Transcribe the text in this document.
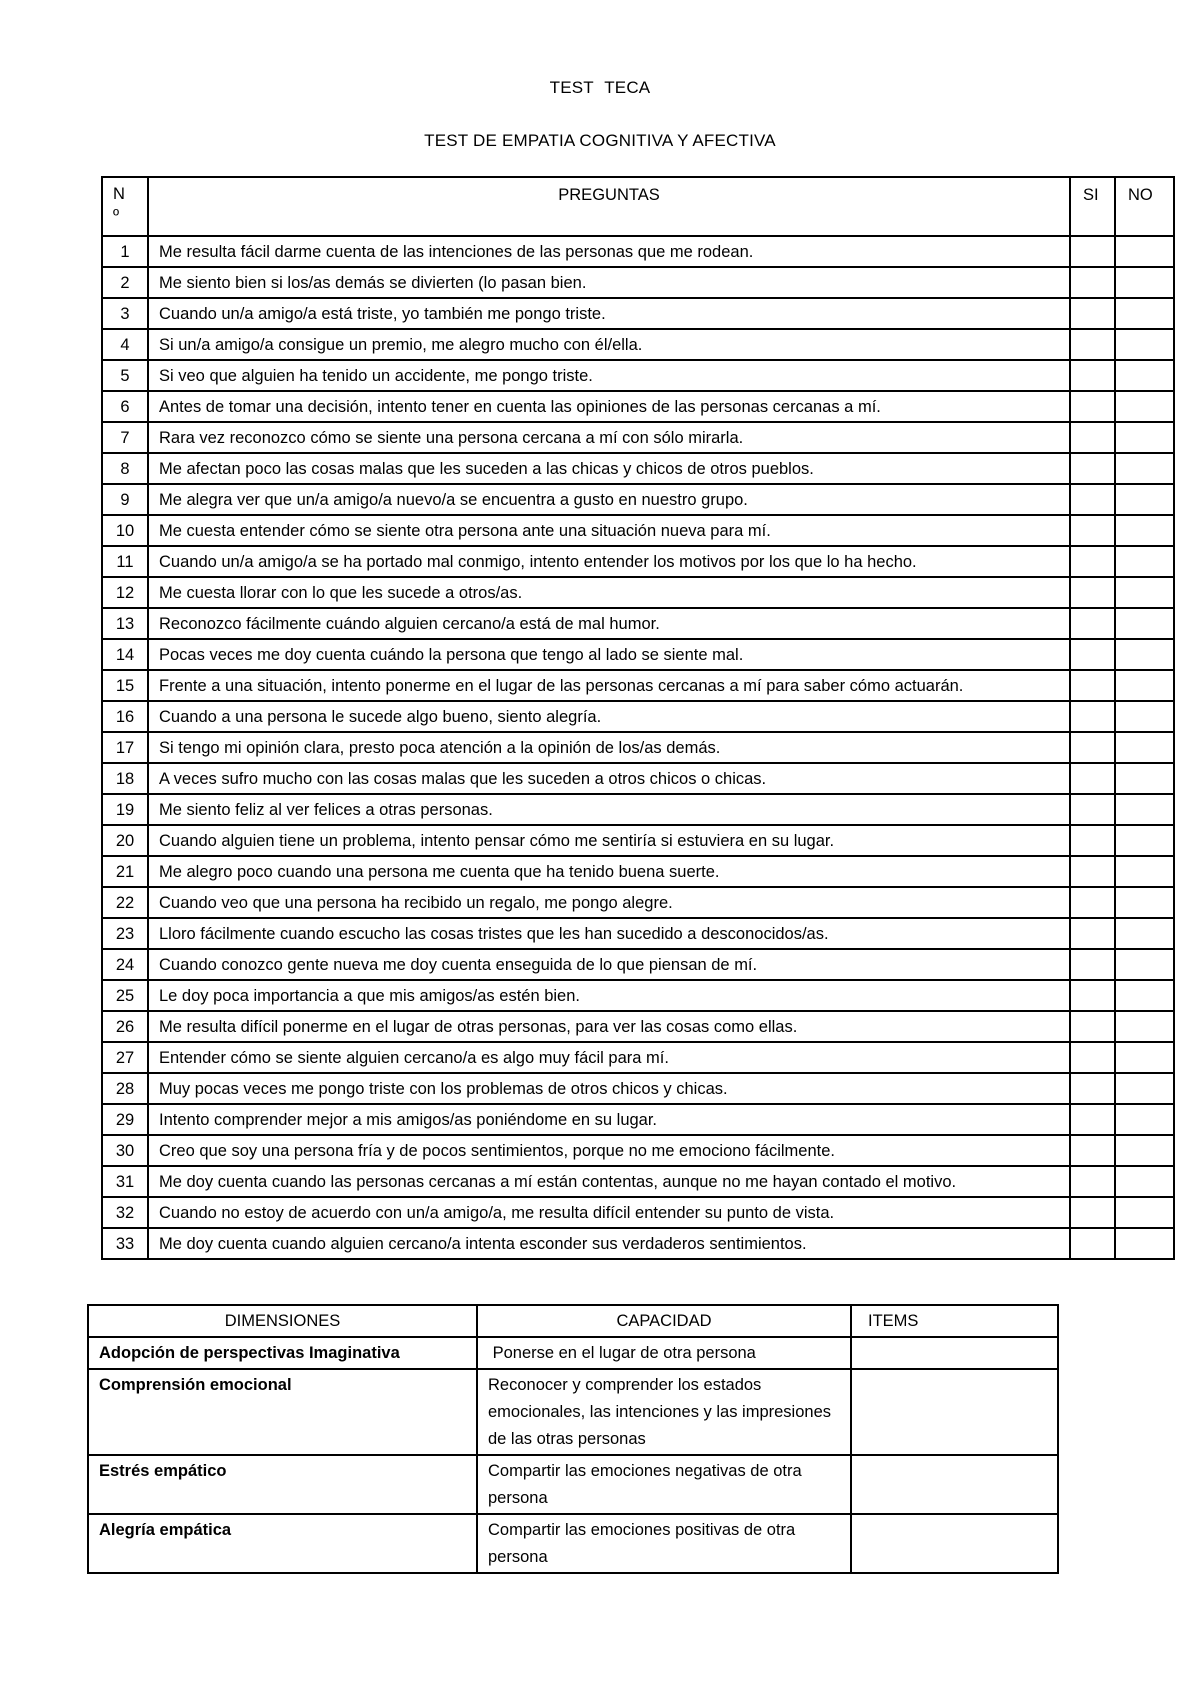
TEST TECA
TEST DE EMPATIA COGNITIVA Y AFECTIVA
Nº	PREGUNTAS	SI	NO
1	Me resulta fácil darme cuenta de las intenciones de las personas que me rodean.		
2	Me siento bien si los/as demás se divierten (lo pasan bien.		
3	Cuando un/a amigo/a está triste, yo también me pongo triste.		
4	Si un/a amigo/a consigue un premio, me alegro mucho con él/ella.		
5	Si veo que alguien ha tenido un accidente, me pongo triste.		
6	Antes de tomar una decisión, intento tener en cuenta las opiniones de las personas cercanas a mí.		
7	Rara vez reconozco cómo se siente una persona cercana a mí con sólo mirarla.		
8	Me afectan poco las cosas malas que les suceden a las chicas y chicos de otros pueblos.		
9	Me alegra ver que un/a amigo/a nuevo/a se encuentra a gusto en nuestro grupo.		
10	Me cuesta entender cómo se siente otra persona ante una situación nueva para mí.		
11	Cuando un/a amigo/a se ha portado mal conmigo, intento entender los motivos por los que lo ha hecho.		
12	Me cuesta llorar con lo que les sucede a otros/as.		
13	Reconozco fácilmente cuándo alguien cercano/a está de mal humor.		
14	Pocas veces me doy cuenta cuándo la persona que tengo al lado se siente mal.		
15	Frente a una situación, intento ponerme en el lugar de las personas cercanas a mí para saber cómo actuarán.		
16	Cuando a una persona le sucede algo bueno, siento alegría.		
17	Si tengo mi opinión clara, presto poca atención a la opinión de los/as demás.		
18	A veces sufro mucho con las cosas malas que les suceden a otros chicos o chicas.		
19	Me siento feliz al ver felices a otras personas.		
20	Cuando alguien tiene un problema, intento pensar cómo me sentiría si estuviera en su lugar.		
21	Me alegro poco cuando una persona me cuenta que ha tenido buena suerte.		
22	Cuando veo que una persona ha recibido un regalo, me pongo alegre.		
23	Lloro fácilmente cuando escucho las cosas tristes que les han sucedido a desconocidos/as.		
24	Cuando conozco gente nueva me doy cuenta enseguida de lo que piensan de mí.		
25	Le doy poca importancia a que mis amigos/as estén bien.		
26	Me resulta difícil ponerme en el lugar de otras personas, para ver las cosas como ellas.		
27	Entender cómo se siente alguien cercano/a es algo muy fácil para mí.		
28	Muy pocas veces me pongo triste con los problemas de otros chicos y chicas.		
29	Intento comprender mejor a mis amigos/as poniéndome en su lugar.		
30	Creo que soy una persona fría y de pocos sentimientos, porque no me emociono fácilmente.		
31	Me doy cuenta cuando las personas cercanas a mí están contentas, aunque no me hayan contado el motivo.		
32	Cuando no estoy de acuerdo con un/a amigo/a, me resulta difícil entender su punto de vista.		
33	Me doy cuenta cuando alguien cercano/a intenta esconder sus verdaderos sentimientos.		
DIMENSIONES	CAPACIDAD	ITEMS
Adopción de perspectivas Imaginativa	Ponerse en el lugar de otra persona	
Comprensión emocional	Reconocer y comprender los estados emocionales, las intenciones y las impresiones de las otras personas	
Estrés empático	Compartir las emociones negativas de otra persona	
Alegría empática	Compartir las emociones positivas de otra persona	
